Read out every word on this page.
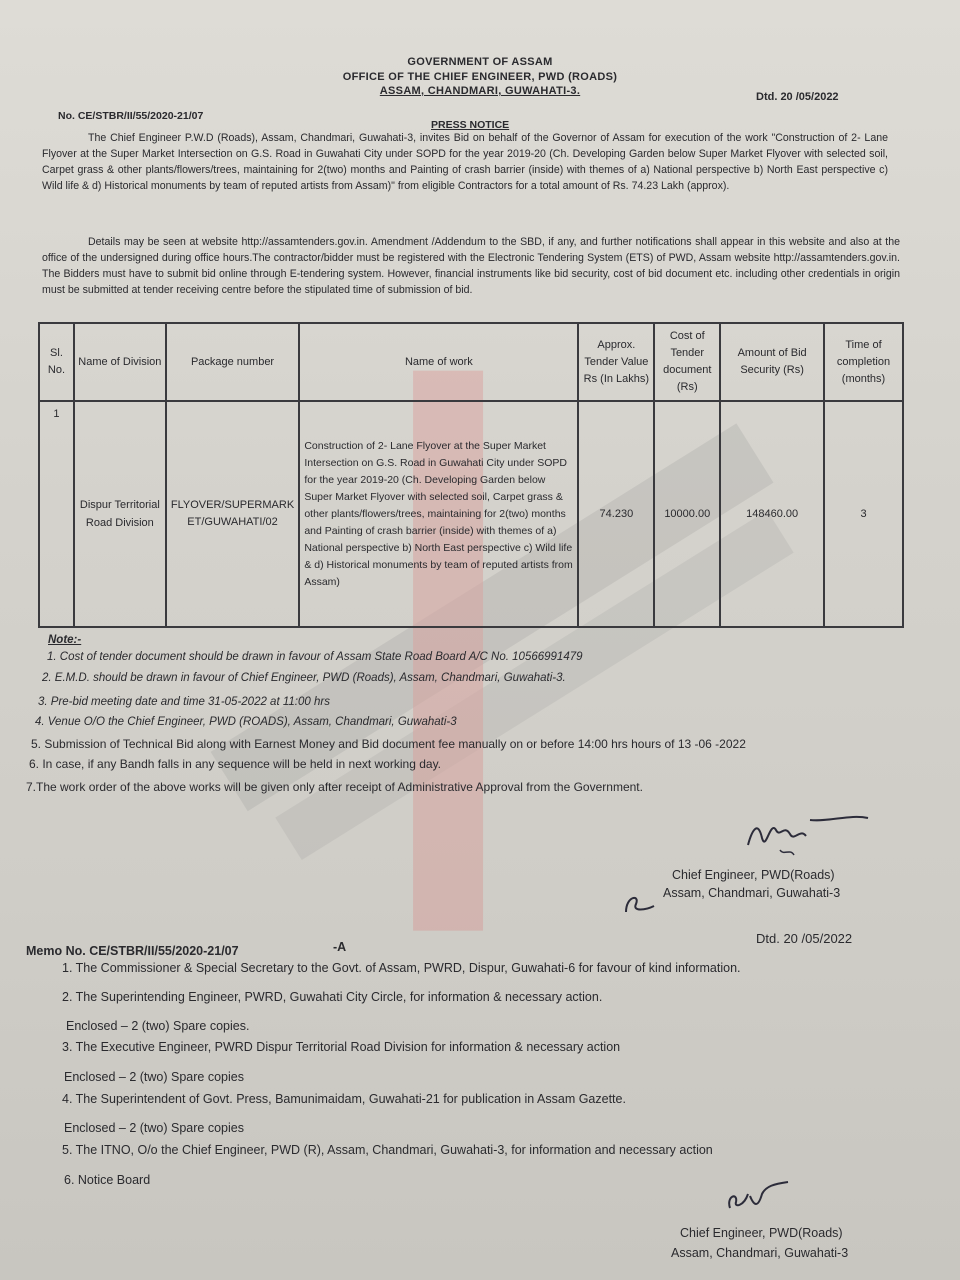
GOVERNMENT OF ASSAM
OFFICE OF THE CHIEF ENGINEER, PWD (ROADS)
ASSAM, CHANDMARI, GUWAHATI-3.
No. CE/STBR/II/55/2020-21/07
Dtd. 20 /05/2022
PRESS NOTICE
The Chief Engineer P.W.D (Roads), Assam, Chandmari, Guwahati-3, invites Bid on behalf of the Governor of Assam for execution of the work "Construction of 2- Lane Flyover at the Super Market Intersection on G.S. Road in Guwahati City under SOPD for the year 2019-20 (Ch. Developing Garden below Super Market Flyover with selected soil, Carpet grass & other plants/flowers/trees, maintaining for 2(two) months and Painting of crash barrier (inside) with themes of a) National perspective b) North East perspective c) Wild life & d) Historical monuments by team of reputed artists from Assam)" from eligible Contractors for a total amount of Rs. 74.23 Lakh (approx).
Details may be seen at website http://assamtenders.gov.in. Amendment /Addendum to the SBD, if any, and further notifications shall appear in this website and also at the office of the undersigned during office hours.The contractor/bidder must be registered with the Electronic Tendering System (ETS) of PWD, Assam website http://assamtenders.gov.in. The Bidders must have to submit bid online through E-tendering system. However, financial instruments like bid security, cost of bid document etc. including other credentials in origin must be submitted at tender receiving centre before the stipulated time of submission of bid.
Sl. No.	Name of Division	Package number	Name of work	Approx. Tender Value Rs (In Lakhs)	Cost of Tender document (Rs)	Amount of Bid Security (Rs)	Time of completion (months)
1	Dispur Territorial Road Division	FLYOVER/SUPERMARKET/GUWAHATI/02	Construction of 2- Lane Flyover at the Super Market Intersection on G.S. Road in Guwahati City under SOPD for the year 2019-20 (Ch. Developing Garden below Super Market Flyover with selected soil, Carpet grass & other plants/flowers/trees, maintaining for 2(two) months and Painting of crash barrier (inside) with themes of a) National perspective b) North East perspective c) Wild life & d) Historical monuments by team of reputed artists from Assam)	74.230	10000.00	148460.00	3
Note:-
1. Cost of tender document should be drawn in favour of Assam State Road Board A/C No. 10566991479
2. E.M.D. should be drawn in favour of Chief Engineer, PWD (Roads), Assam, Chandmari, Guwahati-3.
3. Pre-bid meeting date and time 31-05-2022 at 11:00 hrs
4. Venue O/O the Chief Engineer, PWD (ROADS), Assam, Chandmari, Guwahati-3
5. Submission of Technical Bid along with Earnest Money and Bid document fee manually on or before 14:00 hrs hours of 13 -06 -2022
6. In case, if any Bandh falls in any sequence will be held in next working day.
7.The work order of the above works will be given only after receipt of Administrative Approval from the Government.
Chief Engineer, PWD(Roads)
Assam, Chandmari, Guwahati-3
Memo No. CE/STBR/II/55/2020-21/07	-A
Dtd. 20 /05/2022
1. The Commissioner & Special Secretary to the Govt. of Assam, PWRD, Dispur, Guwahati-6 for favour of kind information.
2. The Superintending Engineer, PWRD, Guwahati City Circle, for information & necessary action.
Enclosed – 2 (two) Spare copies.
3. The Executive Engineer, PWRD Dispur Territorial Road Division for information & necessary action
Enclosed – 2 (two) Spare copies
4. The Superintendent of Govt. Press, Bamunimaidam, Guwahati-21 for publication in Assam Gazette.
Enclosed – 2 (two) Spare copies
5. The ITNO, O/o the Chief Engineer, PWD (R), Assam, Chandmari, Guwahati-3, for information and necessary action
6. Notice Board
Chief Engineer, PWD(Roads)
Assam, Chandmari, Guwahati-3
